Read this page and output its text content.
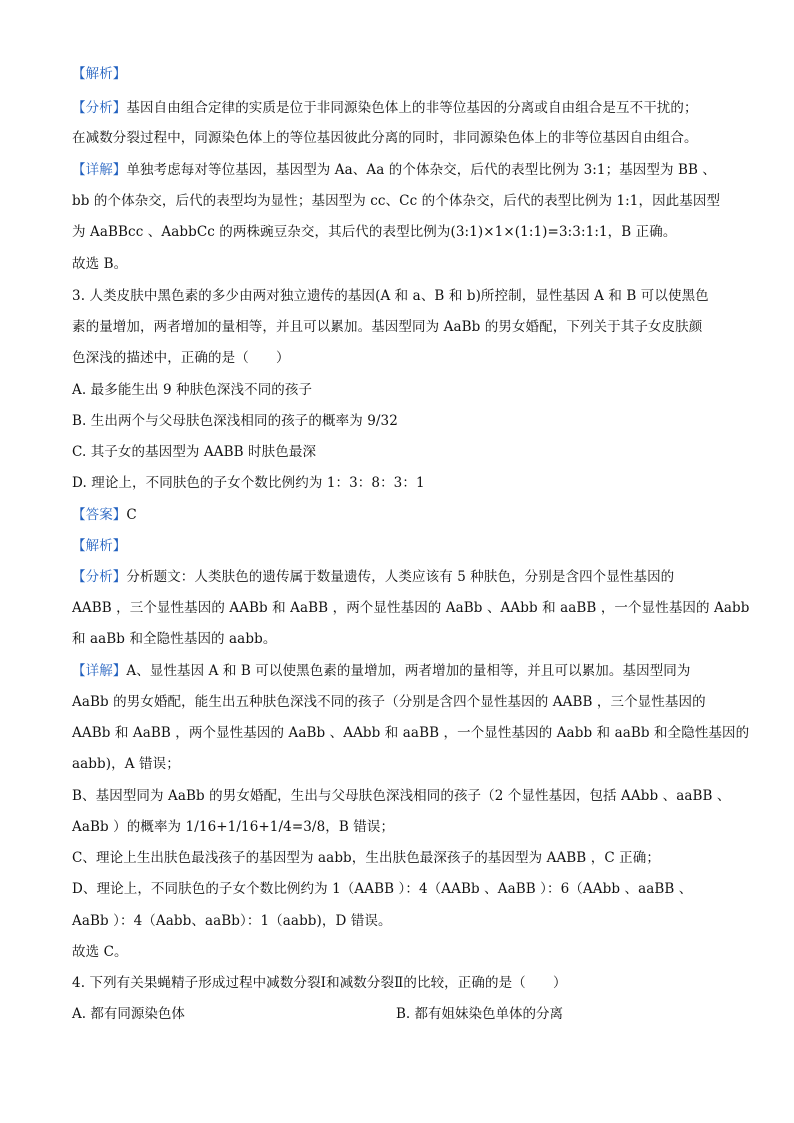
【解析】
【分析】基因自由组合定律的实质是位于非同源染色体上的非等位基因的分离或自由组合是互不干扰的；
在减数分裂过程中，同源染色体上的等位基因彼此分离的同时，非同源染色体上的非等位基因自由组合。
【详解】单独考虑每对等位基因，基因型为 Aa、Aa 的个体杂交，后代的表型比例为 3:1；基因型为 BB 、
bb 的个体杂交，后代的表型均为显性；基因型为 cc、Cc 的个体杂交，后代的表型比例为 1:1，因此基因型
为 AaBBcc 、AabbCc 的两株豌豆杂交，其后代的表型比例为(3:1)×1×(1:1)=3:3:1:1，B 正确。
故选 B。
3. 人类皮肤中黑色素的多少由两对独立遗传的基因(A 和 a、B 和 b)所控制，显性基因 A 和 B 可以使黑色
素的量增加，两者增加的量相等，并且可以累加。基因型同为 AaBb 的男女婚配，下列关于其子女皮肤颜
色深浅的描述中，正确的是（　　）
A. 最多能生出 9 种肤色深浅不同的孩子
B. 生出两个与父母肤色深浅相同的孩子的概率为 9/32
C. 其子女的基因型为 AABB 时肤色最深
D. 理论上，不同肤色的子女个数比例约为 1：3：8：3：1
【答案】C
【解析】
【分析】分析题文：人类肤色的遗传属于数量遗传，人类应该有 5 种肤色，分别是含四个显性基因的
AABB ，三个显性基因的 AABb 和 AaBB ，两个显性基因的 AaBb 、AAbb 和 aaBB ，一个显性基因的 Aabb
和 aaBb 和全隐性基因的 aabb。
【详解】A、显性基因 A 和 B 可以使黑色素的量增加，两者增加的量相等，并且可以累加。基因型同为
AaBb 的男女婚配，能生出五种肤色深浅不同的孩子（分别是含四个显性基因的 AABB ，三个显性基因的
AABb 和 AaBB ，两个显性基因的 AaBb 、AAbb 和 aaBB ，一个显性基因的 Aabb 和 aaBb 和全隐性基因的
aabb)，A 错误；
B、基因型同为 AaBb 的男女婚配，生出与父母肤色深浅相同的孩子（2 个显性基因，包括 AAbb 、aaBB 、
AaBb ）的概率为 1/16+1/16+1/4=3/8，B 错误；
C、理论上生出肤色最浅孩子的基因型为 aabb，生出肤色最深孩子的基因型为 AABB ，C 正确；
D、理论上，不同肤色的子女个数比例约为 1（AABB ）：4（AABb 、AaBB ）：6（AAbb 、aaBB 、
AaBb ）：4（Aabb、aaBb）：1（aabb)，D 错误。
故选 C。
4. 下列有关果蝇精子形成过程中减数分裂Ⅰ和减数分裂Ⅱ的比较，正确的是（　　）
A. 都有同源染色体	B. 都有姐妹染色单体的分离
